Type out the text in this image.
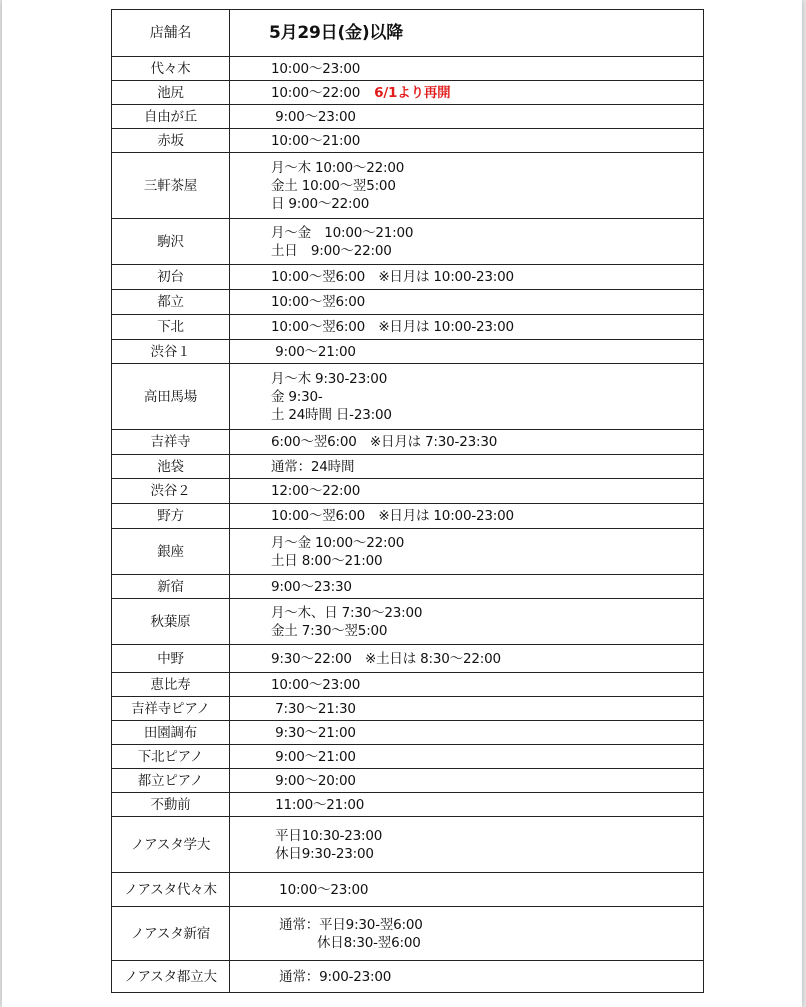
店舗名	5月29日(金)以降
代々木	10:00～23:00

池尻	10:00～22:00 6/1より再開
自由が丘	9:00～23:00

赤坂	10:00～21:00

三軒茶屋	月～木 10:00～22:00
金土 10:00～翌5:00
日 9:00～22:00

駒沢	月～金　10:00～21:00
土日　9:00～22:00

初台	10:00～翌6:00　※日月は 10:00-23:00

都立	10:00～翌6:00

下北	10:00～翌6:00　※日月は 10:00-23:00

渋谷１	9:00～21:00

高田馬場	月～木 9:30-23:00
金 9:30-
土 24時間 日-23:00

吉祥寺	6:00～翌6:00　※日月は 7:30-23:30

池袋	通常：24時間

渋谷２	12:00～22:00

野方	10:00～翌6:00　※日月は 10:00-23:00

銀座	月～金 10:00～22:00
土日 8:00～21:00

新宿	9:00～23:30

秋葉原	月～木、日 7:30～23:00
金土 7:30～翌5:00

中野	9:30～22:00　※土日は 8:30～22:00

恵比寿	10:00～23:00

吉祥寺ピアノ	7:30～21:30

田園調布	9:30～21:00

下北ピアノ	9:00～21:00

都立ピアノ	9:00～20:00

不動前	11:00～21:00

ノアスタ学大	平日10:30-23:00
休日9:30-23:00

ノアスタ代々木	10:00～23:00

ノアスタ新宿	通常：平日9:30-翌6:00
休日8:30-翌6:00

ノアスタ都立大	通常：9:00-23:00
